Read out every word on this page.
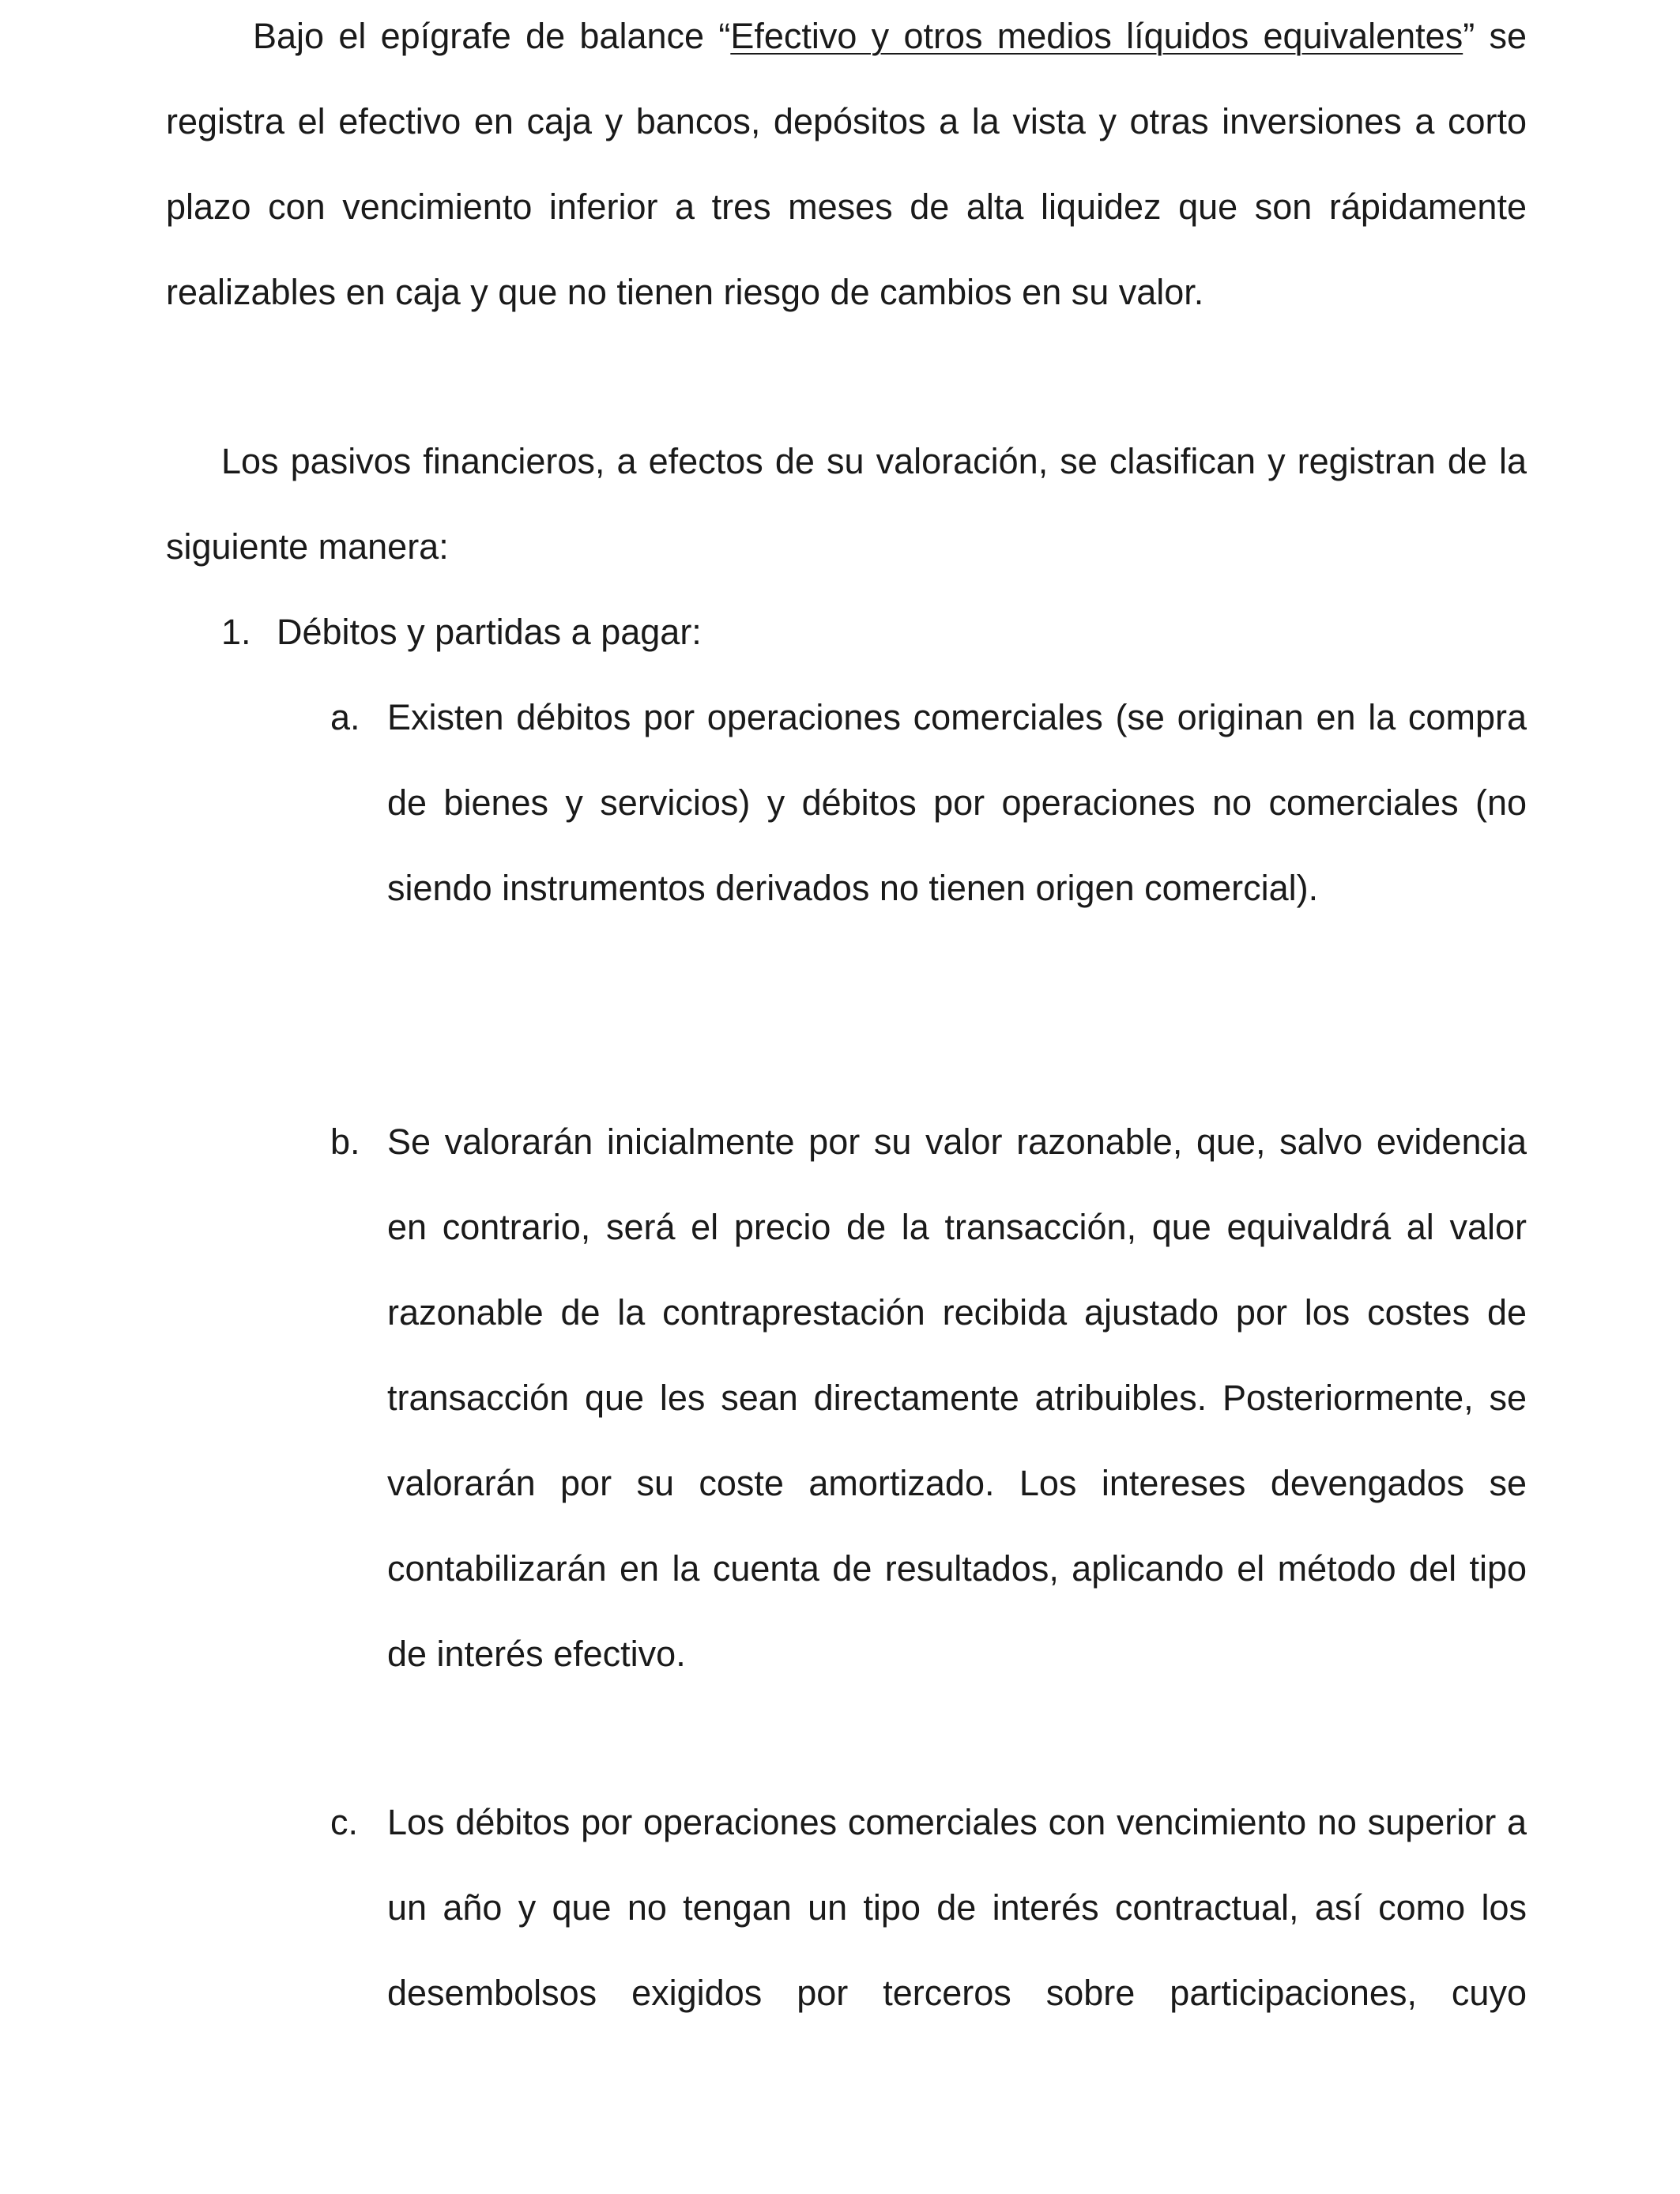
Bajo el epígrafe de balance “Efectivo y otros medios líquidos equivalentes” se registra el efectivo en caja y bancos, depósitos a la vista y otras inversiones a corto plazo con vencimiento inferior a tres meses de alta liquidez que son rápidamente realizables en caja y que no tienen riesgo de cambios en su valor.

Los pasivos financieros, a efectos de su valoración, se clasifican y registran de la siguiente manera:

1. Débitos y partidas a pagar:
a. Existen débitos por operaciones comerciales (se originan en la compra de bienes y servicios) y débitos por operaciones no comerciales (no siendo instrumentos derivados no tienen origen comercial).
b. Se valorarán inicialmente por su valor razonable, que, salvo evidencia en contrario, será el precio de la transacción, que equivaldrá al valor razonable de la contraprestación recibida ajustado por los costes de transacción que les sean directamente atribuibles. Posteriormente, se valorarán por su coste amortizado. Los intereses devengados se contabilizarán en la cuenta de resultados, aplicando el método del tipo de interés efectivo.
c. Los débitos por operaciones comerciales con vencimiento no superior a un año y que no tengan un tipo de interés contractual, así como los desembolsos exigidos por terceros sobre participaciones, cuyo
